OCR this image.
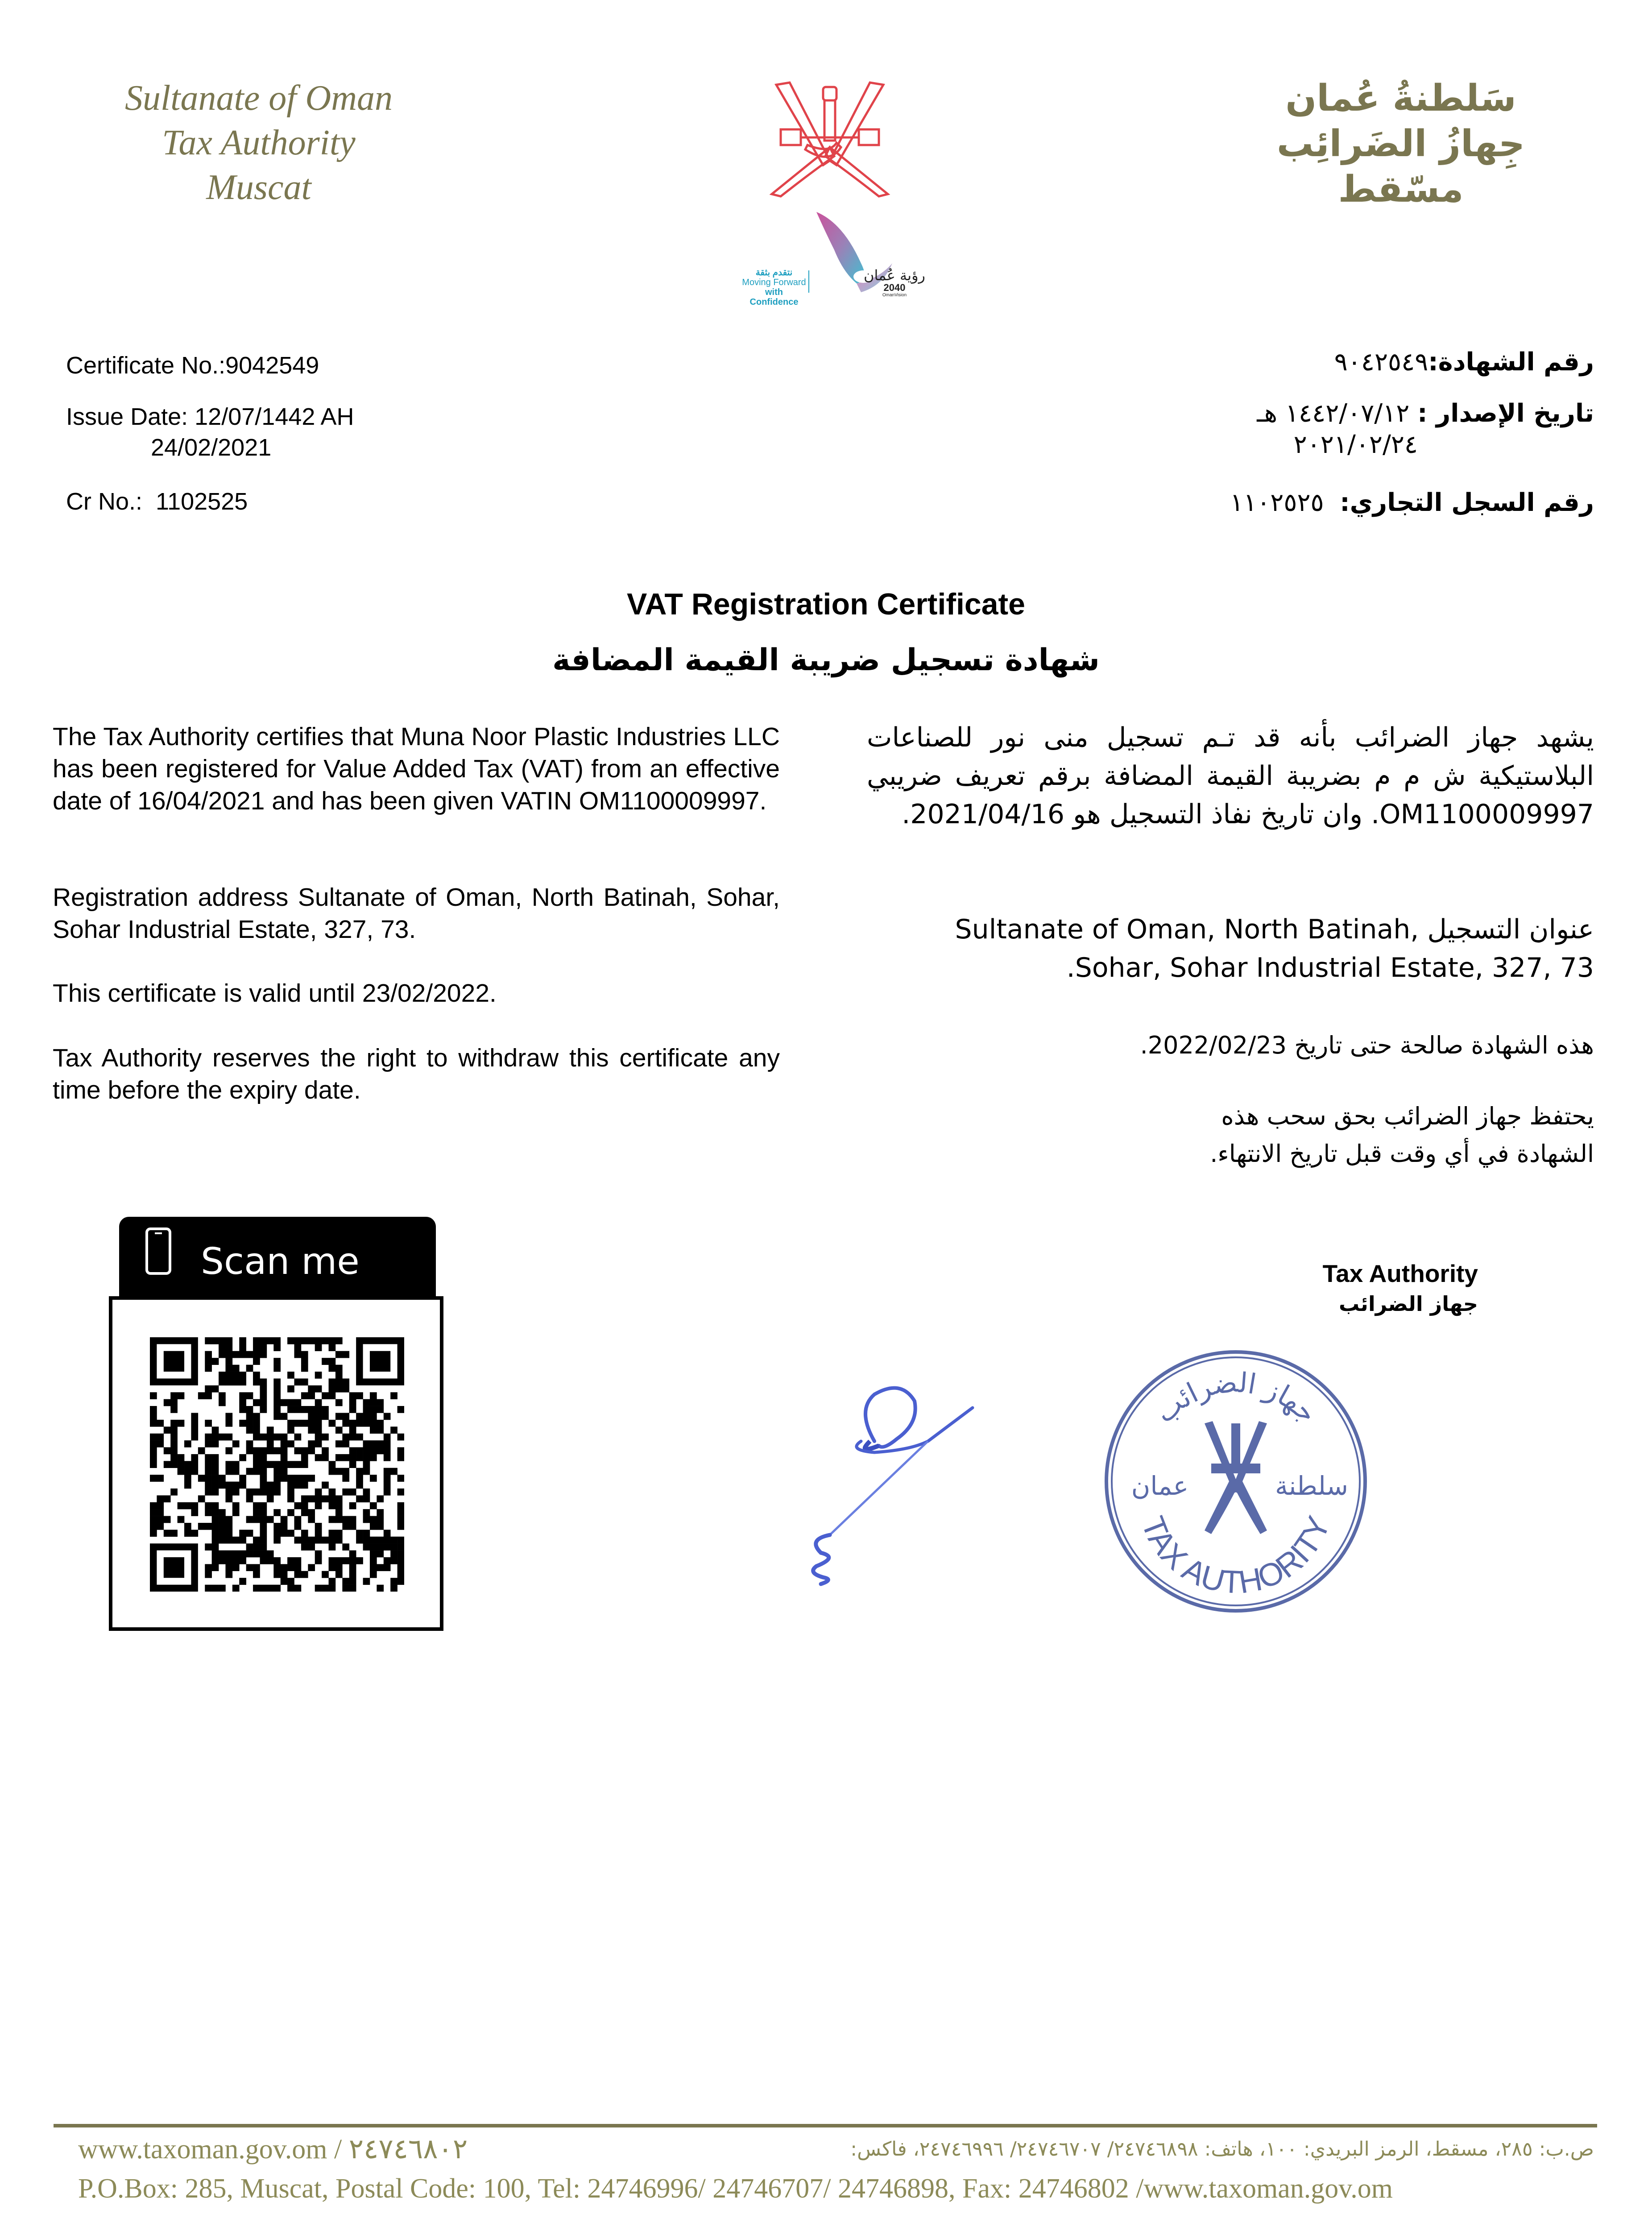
Sultanate of Oman
Tax Authority
Muscat
سَلطنةُ عُمان
جِهازُ الضَرائِب
مسّقط
نتقدم بثقة
Moving Forward
with Confidence
رؤية عُمان
2040
OmanVision
Certificate No.:9042549
Issue Date: 12/07/1442 AH
24/02/2021
Cr No.: 1102525
رقم الشهادة:٩٠٤٢٥٤٩
تاريخ الإصدار : ١٤٤٢/٠٧/١٢ هـ
٢٠٢١/٠٢/٢٤
رقم السجل التجاري:  ١١٠٢٥٢٥
VAT Registration Certificate
شهادة تسجيل ضريبة القيمة المضافة
The Tax Authority certifies that Muna Noor Plastic Industries LLC has been registered for Value Added Tax (VAT) from an effective date of 16/04/2021 and has been given VATIN OM1100009997.
Registration address Sultanate of Oman, North Batinah, Sohar, Sohar Industrial Estate, 327, 73.
This certificate is valid until 23/02/2022.
Tax Authority reserves the right to withdraw this certificate any time before the expiry date.
يشهد جهاز الضرائب بأنه قد تـم تسجيل منى نور للصناعات البلاستيكية ش م م بضريبة القيمة المضافة برقم تعريف ضريبي OM1100009997. وان تاريخ نفاذ التسجيل هو 2021/04/16.
عنوان التسجيل Sultanate of Oman, North Batinah, Sohar, Sohar Industrial Estate, 327, 73.
هذه الشهادة صالحة حتى تاريخ 2022/02/23.
يحتفظ جهاز الضرائب بحق سحب هذه الشهادة في أي وقت قبل تاريخ الانتهاء.
Scan me	Tax Authority
جهاز الضرائب
جهاز الضرائب
عمان	سلطنة
TAX AUTHORITY
www.taxoman.gov.om / ٢٤٧٤٦٨٠٢	ص.ب: ٢٨٥، مسقط، الرمز البريدي: ١٠٠، هاتف: ٢٤٧٤٦٨٩٨/ ٢٤٧٤٦٧٠٧/ ٢٤٧٤٦٩٩٦، فاكس:
P.O.Box: 285, Muscat, Postal Code: 100, Tel: 24746996/ 24746707/ 24746898, Fax: 24746802 /www.taxoman.gov.om
